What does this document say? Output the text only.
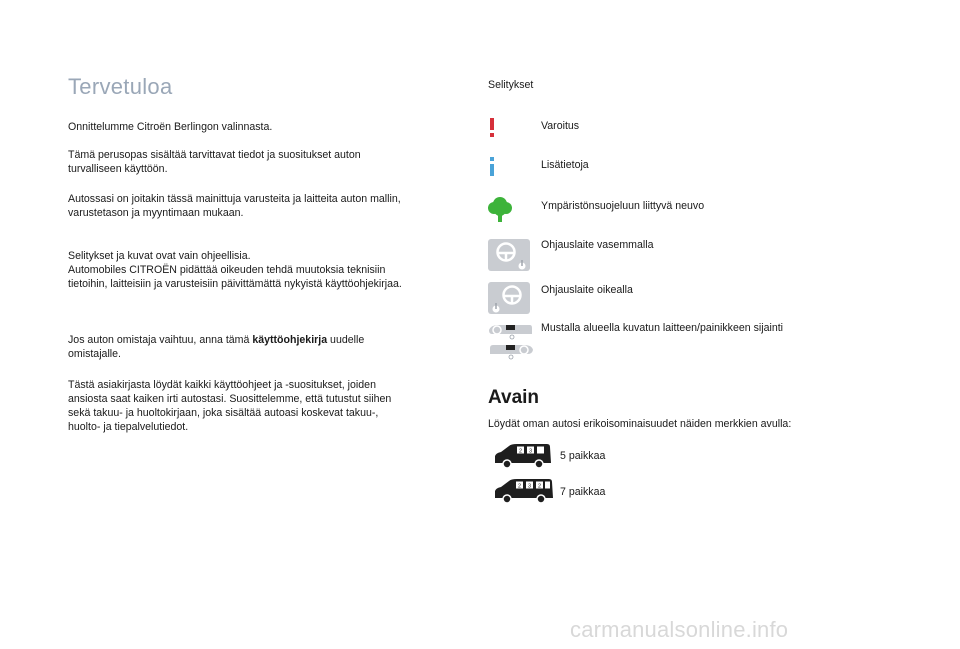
Tervetuloa

Onnittelumme Citroën Berlingon valinnasta.

Tämä perusopas sisältää tarvittavat tiedot ja suositukset auton
turvalliseen käyttöön.

Autossasi on joitakin tässä mainittuja varusteita ja laitteita auton mallin,
varustetason ja myyntimaan mukaan.

Selitykset ja kuvat ovat vain ohjeellisia.
Automobiles CITROËN pidättää oikeuden tehdä muutoksia teknisiin
tietoihin, laitteisiin ja varusteisiin päivittämättä nykyistä käyttöohjekirjaa.

Jos auton omistaja vaihtuu, anna tämä käyttöohjekirja uudelle
omistajalle.

Tästä asiakirjasta löydät kaikki käyttöohjeet ja -suositukset, joiden
ansiosta saat kaiken irti autostasi. Suosittelemme, että tutustut siihen
sekä takuu- ja huoltokirjaan, joka sisältää autoasi koskevat takuu-,
huolto- ja tiepalvelutiedot.

Selitykset
Varoitus
Lisätietoja
Ympäristönsuojeluun liittyvä neuvo
Ohjauslaite vasemmalla
Ohjauslaite oikealla
Mustalla alueella kuvatun laitteen/painikkeen sijainti
Avain
Löydät oman autosi erikoisominaisuudet näiden merkkien avulla:
2 3	5 paikkaa
2 3 2 7 paikkaa
carmanualsonline.info
